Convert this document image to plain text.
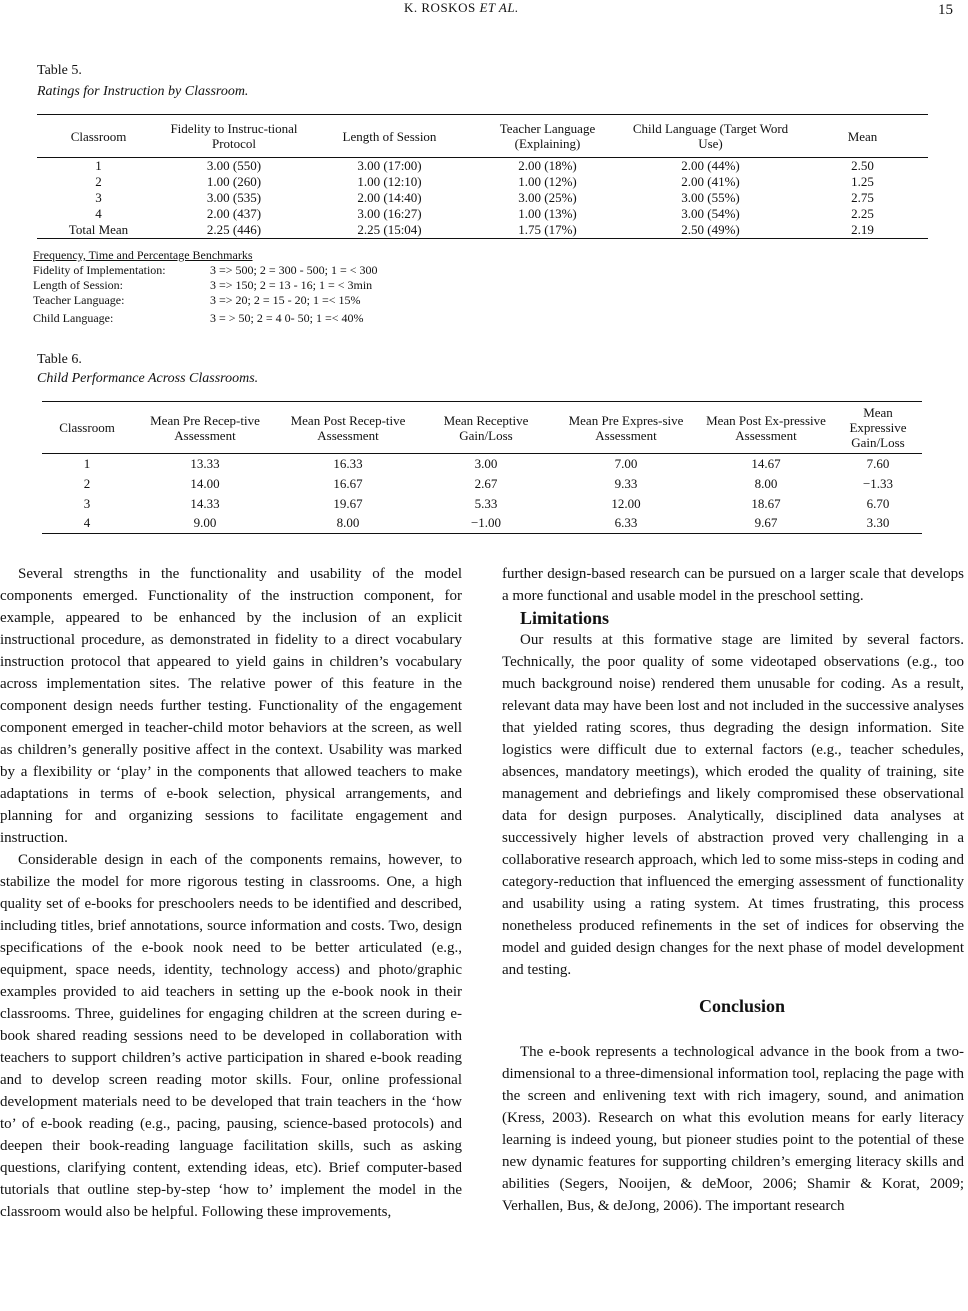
K. ROSKOS ET AL.	15
Table 5.
Ratings for Instruction by Classroom.
Classroom	Fidelity to Instruc-tional Protocol	Length of Session	Teacher Language (Explaining)	Child Language (Target Word Use)	Mean
1	3.00 (550)	3.00 (17:00)	2.00 (18%)	2.00 (44%)	2.50
2	1.00 (260)	1.00 (12:10)	1.00 (12%)	2.00 (41%)	1.25
3	3.00 (535)	2.00 (14:40)	3.00 (25%)	3.00 (55%)	2.75
4	2.00 (437)	3.00 (16:27)	1.00 (13%)	3.00 (54%)	2.25
Total Mean	2.25 (446)	2.25 (15:04)	1.75 (17%)	2.50 (49%)	2.19
Frequency, Time and Percentage Benchmarks
Fidelity of Implementation:	3 => 500; 2 = 300 - 500; 1 = < 300
Length of Session:	3 => 150; 2 = 13 - 16; 1 = < 3min
Teacher Language:	3 => 20; 2 = 15 - 20; 1 =< 15%
Child Language:	3 = > 50; 2 = 4 0- 50; 1 =< 40%
Table 6.
Child Performance Across Classrooms.
Classroom	Mean Pre Recep-tive Assessment	Mean Post Recep-tive Assessment	Mean Receptive Gain/Loss	Mean Pre Expres-sive Assessment	Mean Post Ex-pressive Assessment	Mean Expressive Gain/Loss
1	13.33	16.33	3.00	7.00	14.67	7.60
2	14.00	16.67	2.67	9.33	8.00	−1.33
3	14.33	19.67	5.33	12.00	18.67	6.70
4	9.00	8.00	−1.00	6.33	9.67	3.30

Several strengths in the functionality and usability of the model components emerged. Functionality of the instruction component, for example, appeared to be enhanced by the inclusion of an explicit instructional procedure, as demonstrated in fidelity to a direct vocabulary instruction protocol that appeared to yield gains in children’s vocabulary across implementation sites. The relative power of this feature in the component design needs further testing. Functionality of the engagement component emerged in teacher-child motor behaviors at the screen, as well as children’s generally positive affect in the context. Usability was marked by a flexibility or ‘play’ in the components that allowed teachers to make adaptations in terms of e-book selection, physical arrangements, and planning for and organizing sessions to facilitate engagement and instruction.

Considerable design in each of the components remains, however, to stabilize the model for more rigorous testing in classrooms. One, a high quality set of e-books for preschoolers needs to be identified and described, including titles, brief annotations, source information and costs. Two, design specifications of the e-book nook need to be better articulated (e.g., equipment, space needs, identity, technology access) and photo/graphic examples provided to aid teachers in setting up the e-book nook in their classrooms. Three, guidelines for engaging children at the screen during e-book shared reading sessions need to be developed in collaboration with teachers to support children’s active participation in shared e-book reading and to develop screen reading motor skills. Four, online professional development materials need to be developed that train teachers in the ‘how to’ of e-book reading (e.g., pacing, pausing, science-based protocols) and deepen their book-reading language facilitation skills, such as asking questions, clarifying content, extending ideas, etc). Brief computer-based tutorials that outline step-by-step ‘how to’ implement the model in the classroom would also be helpful. Following these improvements,

further design-based research can be pursued on a larger scale that develops a more functional and usable model in the preschool setting.

Limitations

Our results at this formative stage are limited by several factors. Technically, the poor quality of some videotaped observations (e.g., too much background noise) rendered them unusable for coding. As a result, relevant data may have been lost and not included in the successive analyses that yielded rating scores, thus degrading the design information. Site logistics were difficult due to external factors (e.g., teacher schedules, absences, mandatory meetings), which eroded the quality of training, site management and debriefings and likely compromised these observational data for design purposes. Analytically, disciplined data analyses at successively higher levels of abstraction proved very challenging in a collaborative research approach, which led to some miss-steps in coding and category-reduction that influenced the emerging assessment of functionality and usability using a rating system. At times frustrating, this process nonetheless produced refinements in the set of indices for observing the model and guided design changes for the next phase of model development and testing.

Conclusion

The e-book represents a technological advance in the book from a two-dimensional to a three-dimensional information tool, replacing the page with the screen and enlivening text with rich imagery, sound, and animation (Kress, 2003). Research on what this evolution means for early literacy learning is indeed young, but pioneer studies point to the potential of these new dynamic features for supporting children’s emerging literacy skills and abilities (Segers, Nooijen, & deMoor, 2006; Shamir & Korat, 2009; Verhallen, Bus, & deJong, 2006). The important research
